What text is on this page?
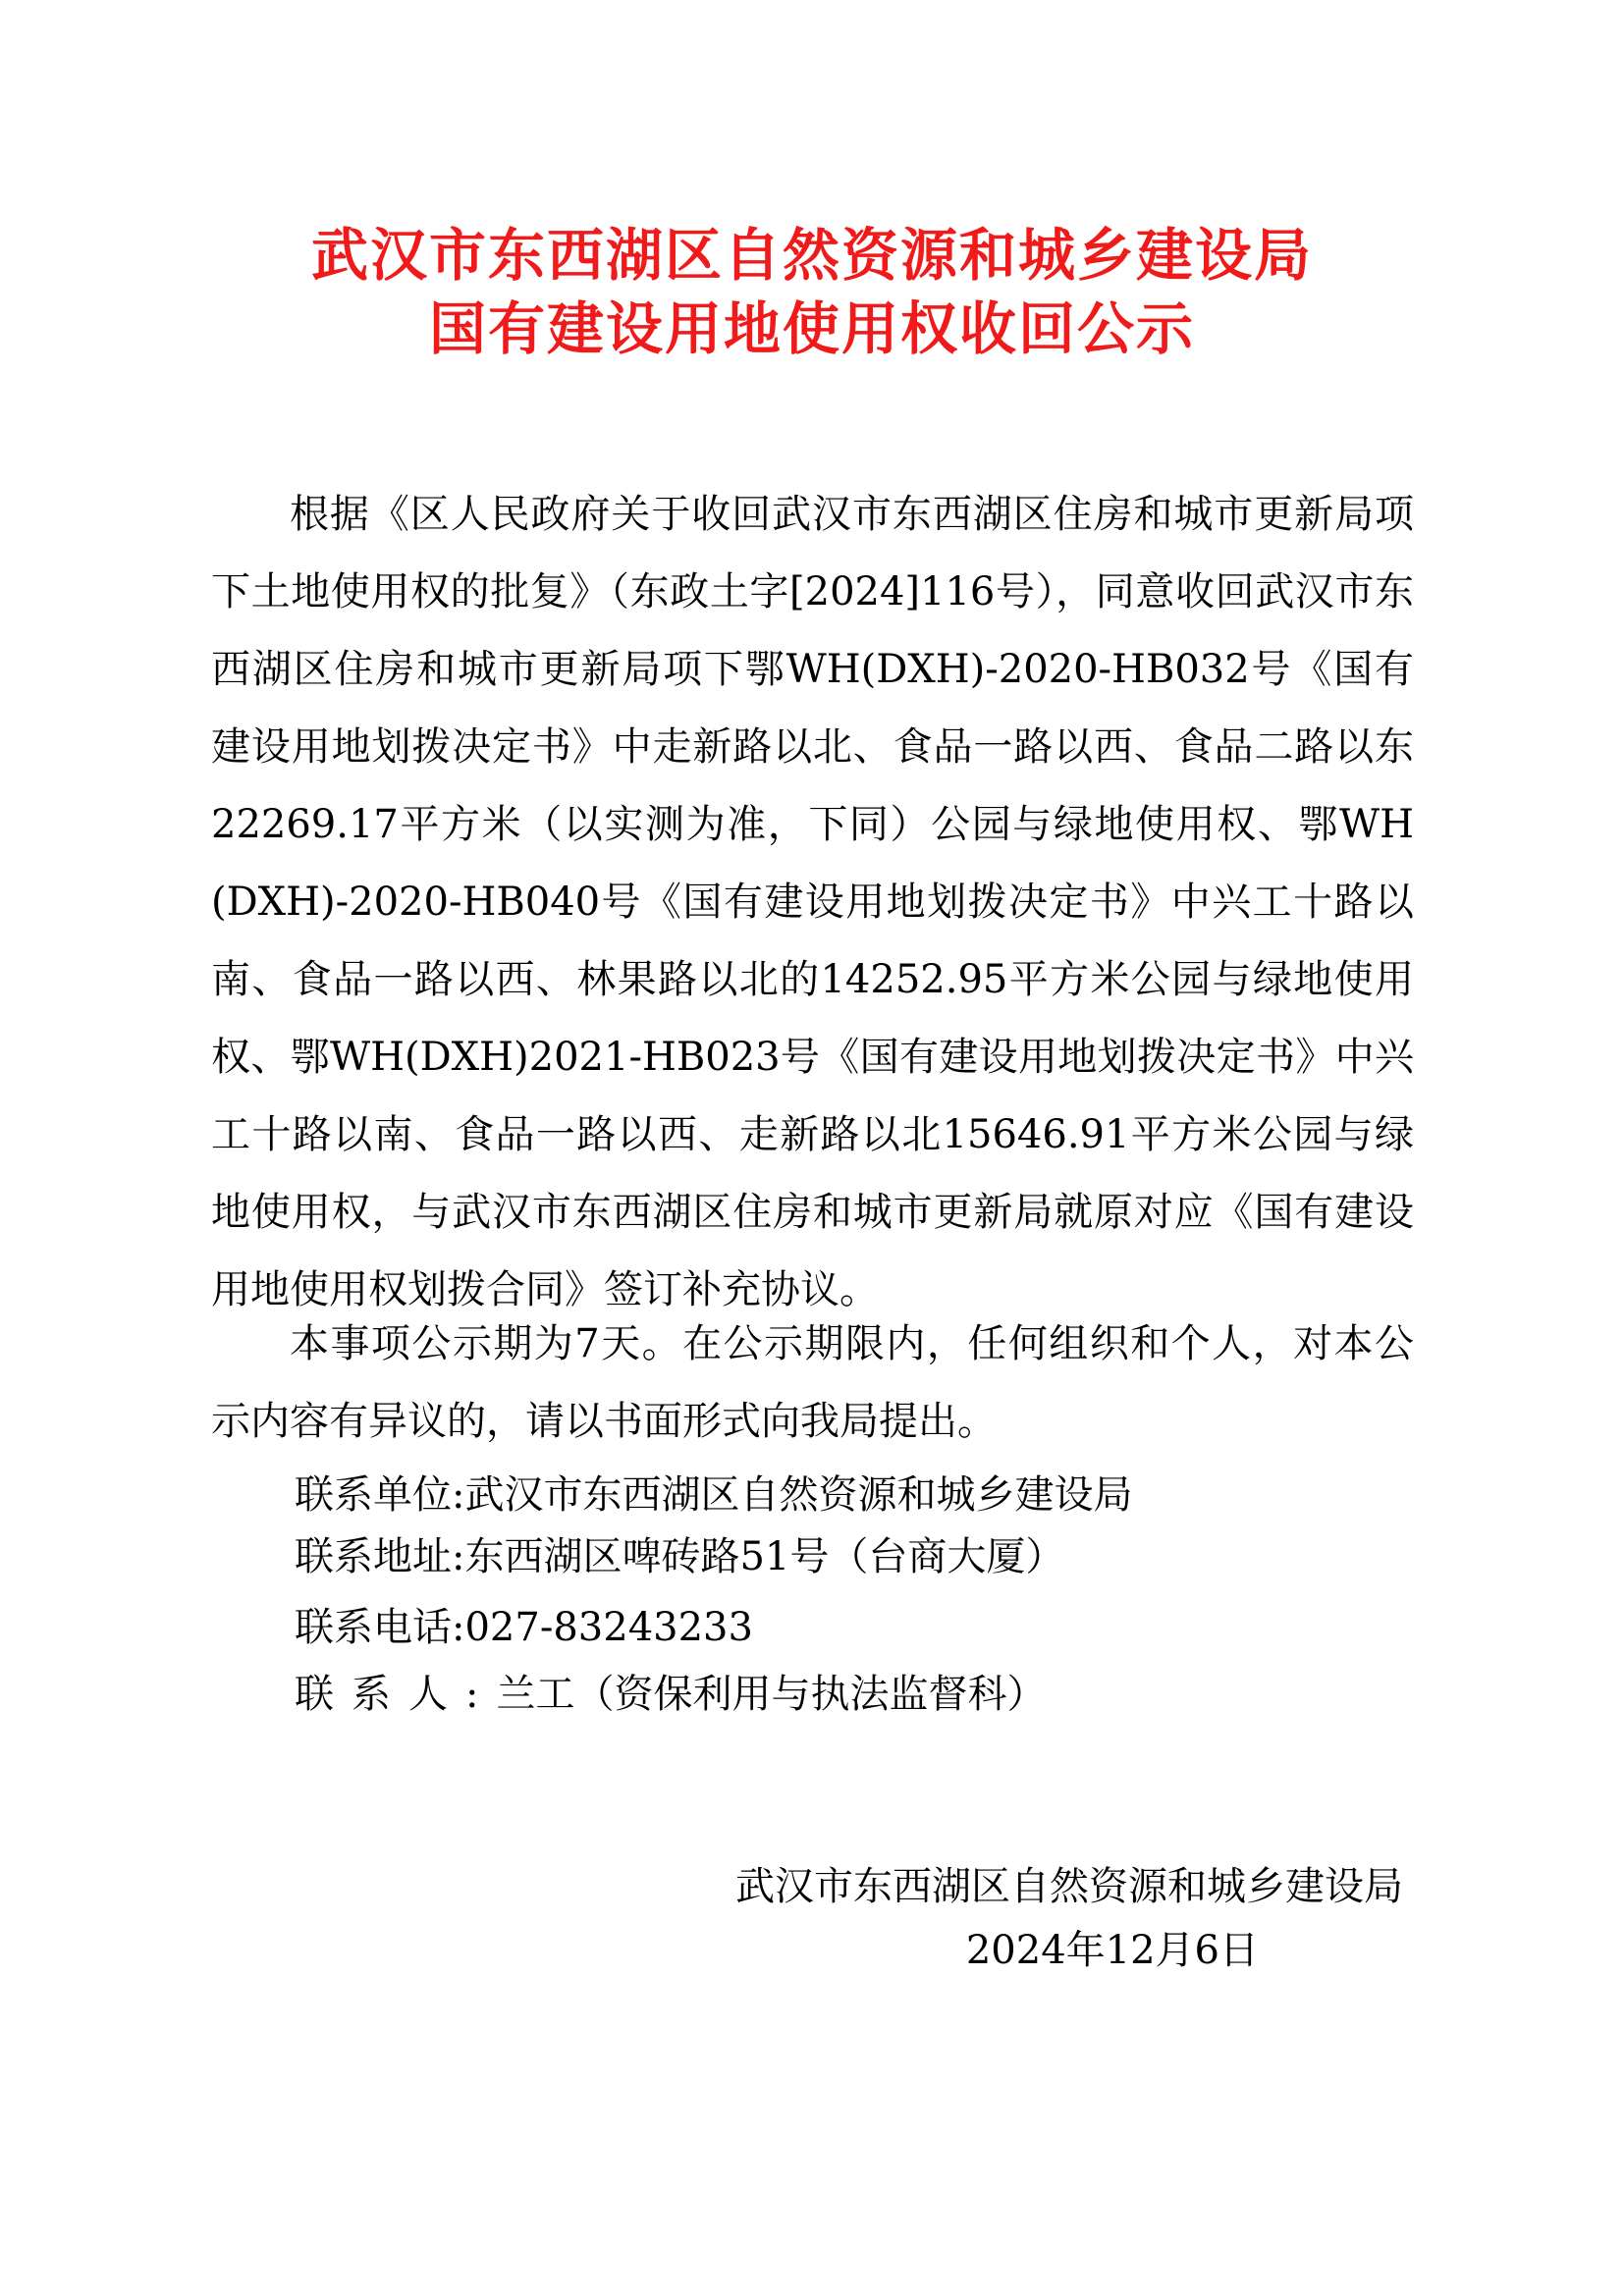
武汉市东西湖区自然资源和城乡建设局
国有建设用地使用权收回公示

根据《区人民政府关于收回武汉市东西湖区住房和城市更新局项下土地使用权的批复》（东政土字[2024]116号），同意收回武汉市东西湖区住房和城市更新局项下鄂WH(DXH)-2020-HB032号《国有建设用地划拨决定书》中走新路以北、食品一路以西、食品二路以东22269.17平方米（以实测为准，下同）公园与绿地使用权、鄂WH(DXH)-2020-HB040号《国有建设用地划拨决定书》中兴工十路以南、食品一路以西、林果路以北的14252.95平方米公园与绿地使用权、鄂WH(DXH)2021-HB023号《国有建设用地划拨决定书》中兴工十路以南、食品一路以西、走新路以北15646.91平方米公园与绿地使用权，与武汉市东西湖区住房和城市更新局就原对应《国有建设用地使用权划拨合同》签订补充协议。

本事项公示期为7天。在公示期限内，任何组织和个人，对本公示内容有异议的，请以书面形式向我局提出。

联系单位:武汉市东西湖区自然资源和城乡建设局

联系地址:东西湖区啤砖路51号（台商大厦）

联系电话:027-83243233

联系人:兰工（资保利用与执法监督科）

武汉市东西湖区自然资源和城乡建设局

2024年12月6日
